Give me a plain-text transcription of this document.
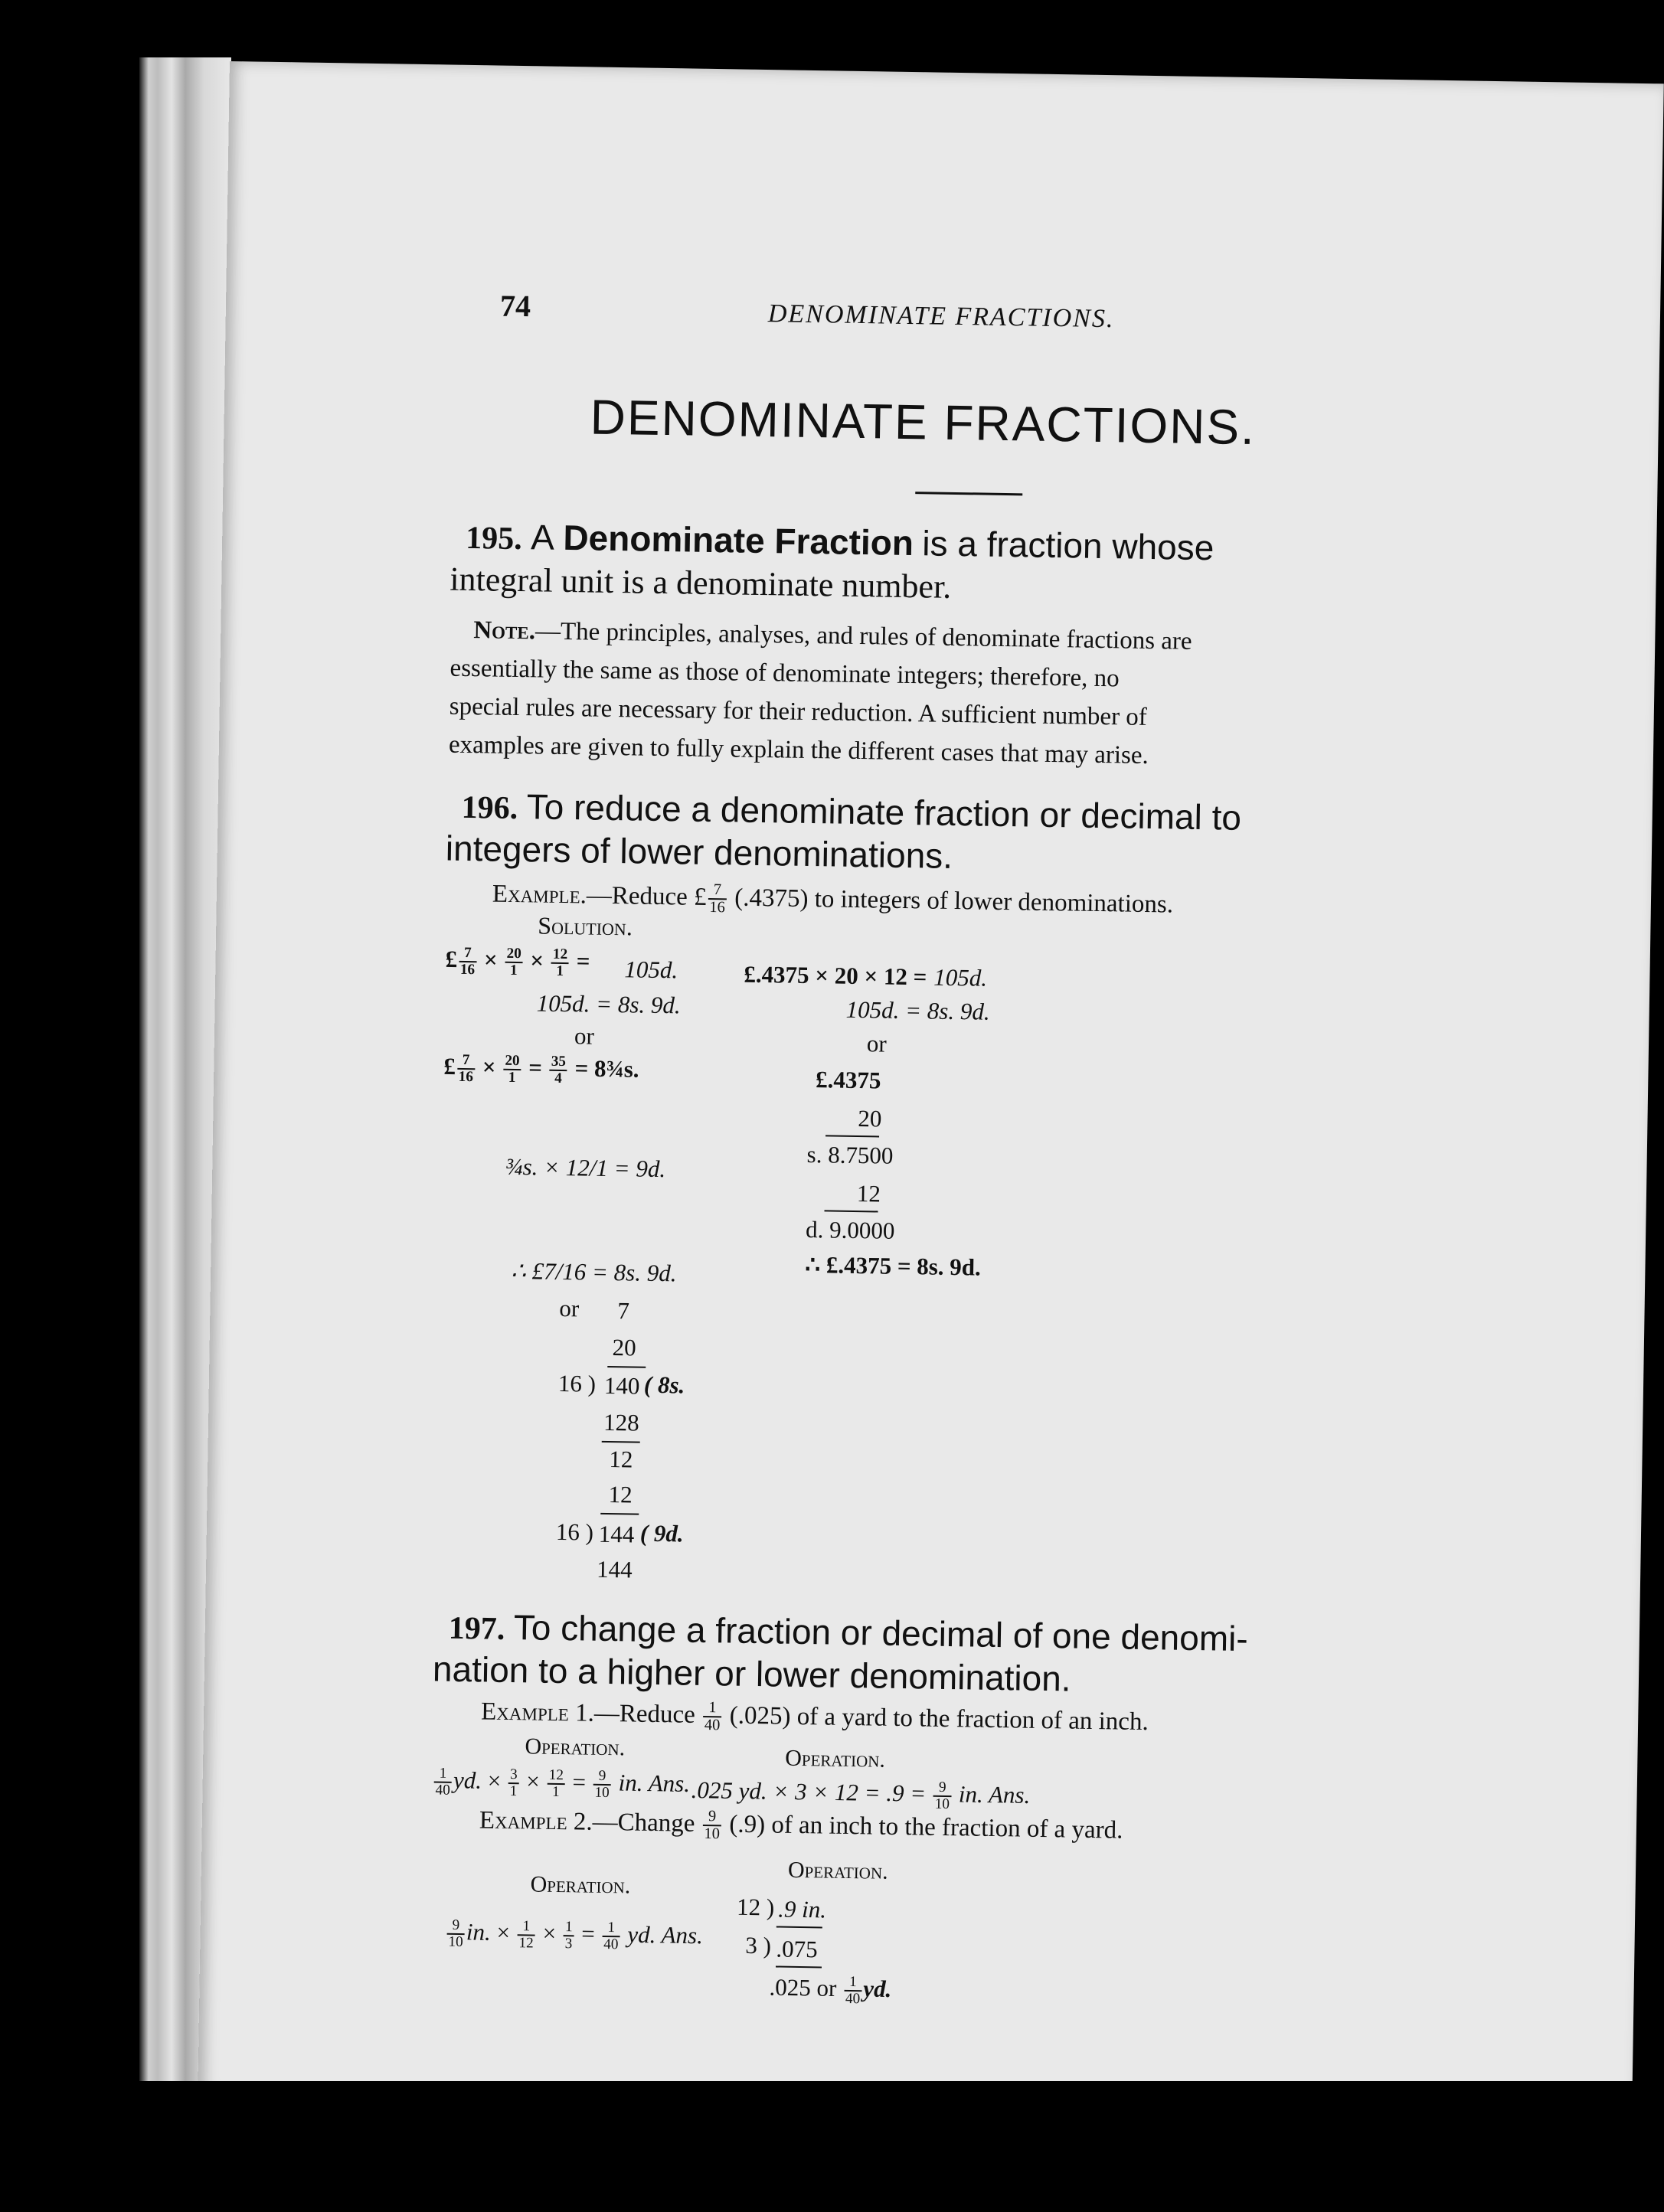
74	DENOMINATE FRACTIONS.
DENOMINATE FRACTIONS.
195. A Denominate Fraction is a fraction whose
integral unit is a denominate number.
Note.—The principles, analyses, and rules of denominate fractions are
essentially the same as those of denominate integers; therefore, no
special rules are necessary for their reduction. A sufficient number of
examples are given to fully explain the different cases that may arise.
196. To reduce a denominate fraction or decimal to
integers of lower denominations.
Example.—Reduce £ $\frac{7}{16} (.4375)$ to integers of lower denominations.
Solution.
£ $\frac{7}{16} \times \frac{20}{1} \times \frac{12}{1} = 105d$.
105d. = 8s. 9d.
or
£ $\frac{7}{16} \times \frac{20}{1} = \frac{35}{4}$ = 8¾s.
¾s. × 12/1 = 9d.
∴ £7/16 = 8s. 9d.
or 7
20
16 ) 140 ( 8s.
128
12
12
16 ) 144 ( 9d.
144
£.4375 × 20 × 12 = 105d.
105d. = 8s. 9d.
or
£.4375
20
s. 8.7500
12
d. 9.0000
∴ £.4375 = 8s. 9d.
197. To change a fraction or decimal of one denomi-
nation to a higher or lower denomination.
Example 1.—Reduce $\frac{1}{40} (.025)$ of a yard to the fraction of an inch.
Operation.	Operation.
$\frac{1}{40}$ yd. × $\frac{3}{1} \times \frac{12}{1} = \frac{9}{10}$ in. Ans. .025 yd. × $3 \times 12 = .9 = \frac{9}{10}$ in. Ans.
Example 2.—Change $\frac{9}{10} (.9)$ of an inch to the fraction of a yard.
Operation.
Operation.
$\frac{9}{10}$ in. × $\frac{1}{12} \times \frac{1}{3} = \frac{1}{40}$ yd. Ans.
12 ) .9 in.
3 ) .075
.025 or $\frac{1}{40}$ yd.
